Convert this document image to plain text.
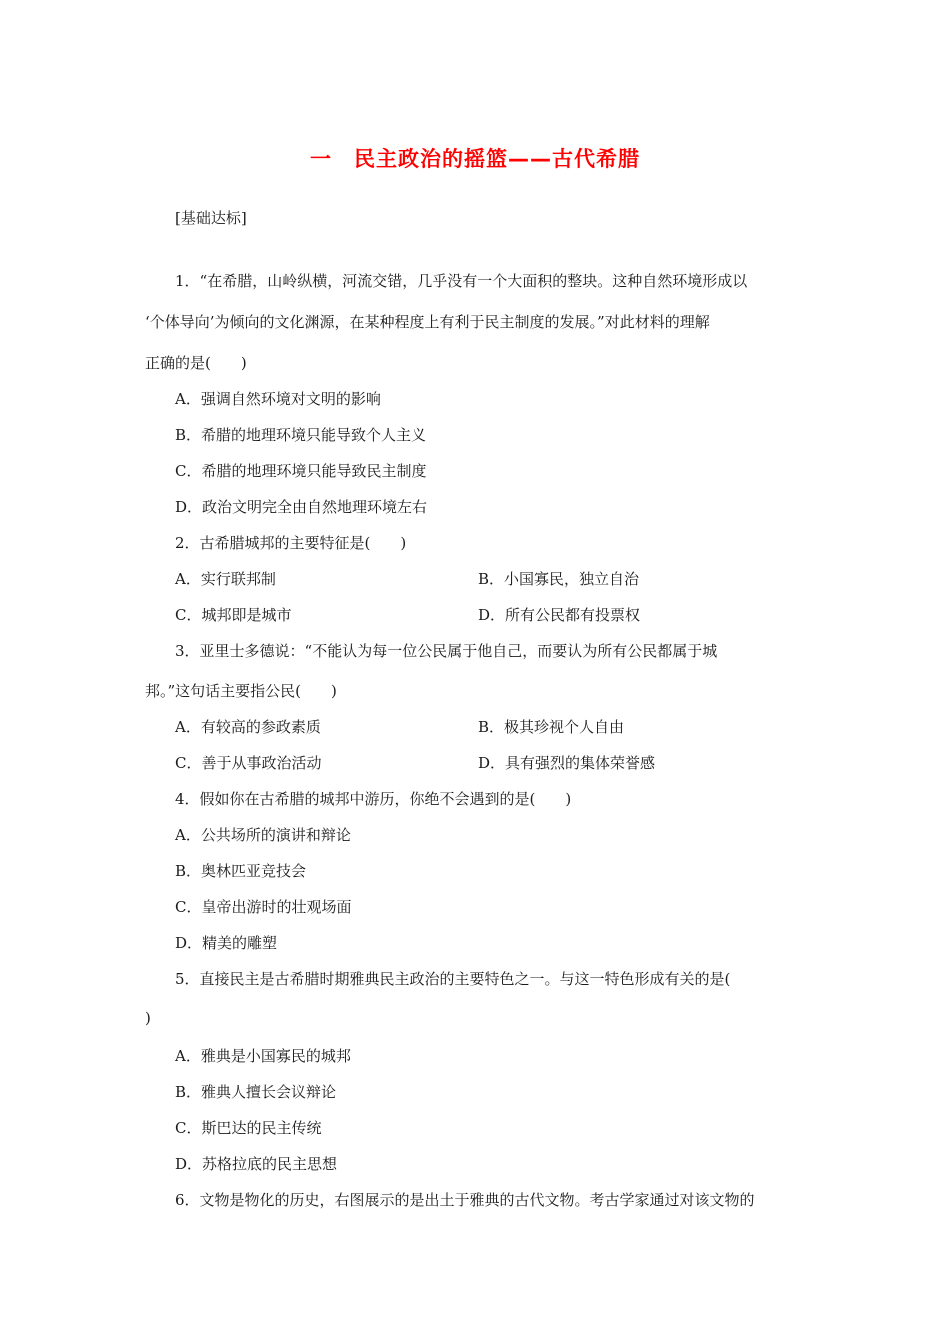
一　民主政治的摇篮——古代希腊
[基础达标]
1．“在希腊，山岭纵横，河流交错，几乎没有一个大面积的整块。这种自然环境形成以
‘个体导向’为倾向的文化渊源，在某种程度上有利于民主制度的发展。”对此材料的理解
正确的是(　　)
A．强调自然环境对文明的影响
B．希腊的地理环境只能导致个人主义
C．希腊的地理环境只能导致民主制度
D．政治文明完全由自然地理环境左右
2．古希腊城邦的主要特征是(　　)
A．实行联邦制	B．小国寡民，独立自治
C．城邦即是城市	D．所有公民都有投票权
3．亚里士多德说：“不能认为每一位公民属于他自己，而要认为所有公民都属于城
邦。”这句话主要指公民(　　)
A．有较高的参政素质	B．极其珍视个人自由
C．善于从事政治活动	D．具有强烈的集体荣誉感
4．假如你在古希腊的城邦中游历，你绝不会遇到的是(　　)
A．公共场所的演讲和辩论
B．奥林匹亚竞技会
C．皇帝出游时的壮观场面
D．精美的雕塑
5．直接民主是古希腊时期雅典民主政治的主要特色之一。与这一特色形成有关的是(
)
A．雅典是小国寡民的城邦
B．雅典人擅长会议辩论
C．斯巴达的民主传统
D．苏格拉底的民主思想
6．文物是物化的历史，右图展示的是出土于雅典的古代文物。考古学家通过对该文物的
